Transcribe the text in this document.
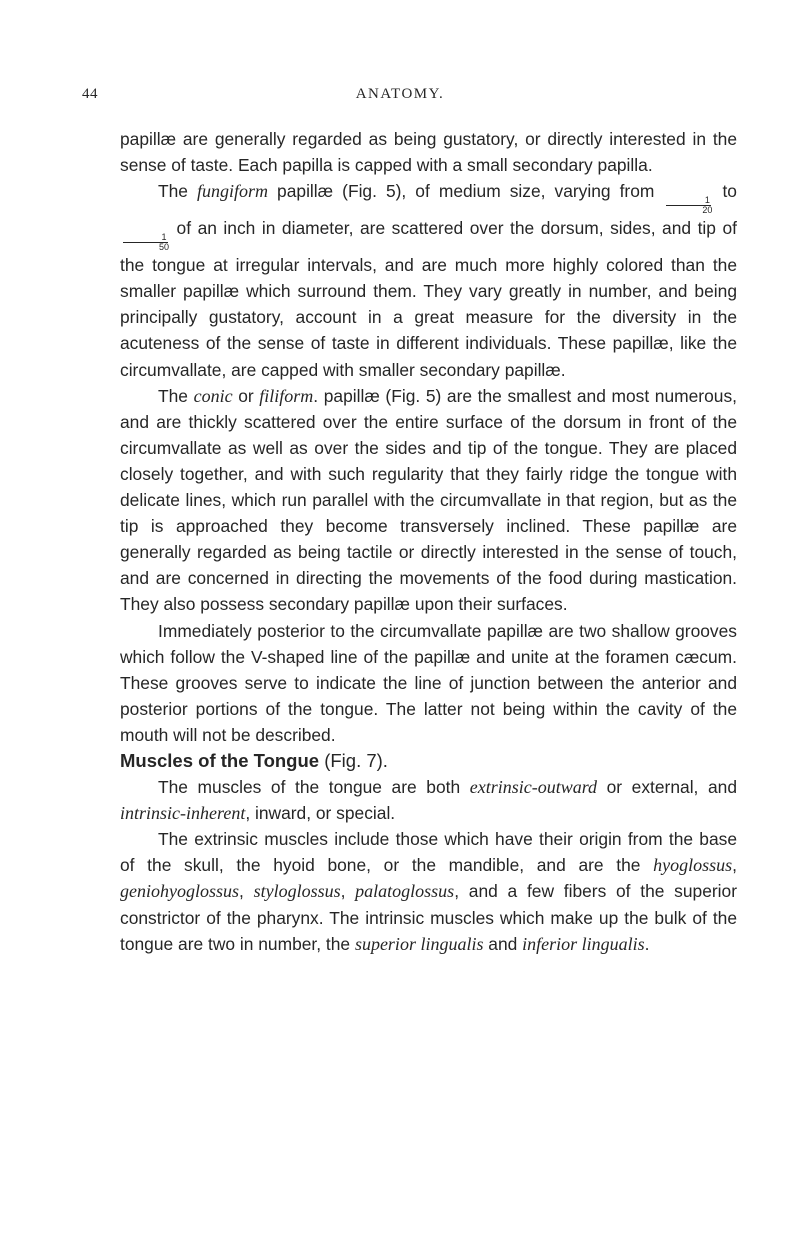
44	ANATOMY.

papillæ are generally regarded as being gustatory, or directly interested in the sense of taste. Each papilla is capped with a small secondary papilla.

The fungiform papillæ (Fig. 5), of medium size, varying from
$\frac{1}{20}$
to
$\frac{1}{50}$
of an inch in diameter, are scattered over the dorsum, sides, and tip of the tongue at irregular intervals, and are much more highly colored than the smaller papillæ which surround them. They vary greatly in number, and being principally gustatory, account in a great measure for the diversity in the acuteness of the sense of taste in different individuals. These papillæ, like the circumvallate, are capped with smaller secondary papillæ.

The conic or filiform. papillæ (Fig. 5) are the smallest and most numerous, and are thickly scattered over the entire surface of the dorsum in front of the circumvallate as well as over the sides and tip of the tongue. They are placed closely together, and with such regularity that they fairly ridge the tongue with delicate lines, which run parallel with the circumvallate in that region, but as the tip is approached they become transversely inclined. These papillæ are generally regarded as being tactile or directly interested in the sense of touch, and are concerned in directing the movements of the food during mastication. They also possess secondary papillæ upon their surfaces.

Immediately posterior to the circumvallate papillæ are two shallow grooves which follow the V-shaped line of the papillæ and unite at the foramen cæcum. These grooves serve to indicate the line of junction between the anterior and posterior portions of the tongue. The latter not being within the cavity of the mouth will not be described.

Muscles of the Tongue (Fig. 7).

The muscles of the tongue are both extrinsic-outward or external, and intrinsic-inherent, inward, or special.

The extrinsic muscles include those which have their origin from the base of the skull, the hyoid bone, or the mandible, and are the hyoglossus, geniohyoglossus, styloglossus, palatoglossus, and a few fibers of the superior constrictor of the pharynx. The intrinsic muscles which make up the bulk of the tongue are two in number, the superior lingualis and inferior lingualis.
